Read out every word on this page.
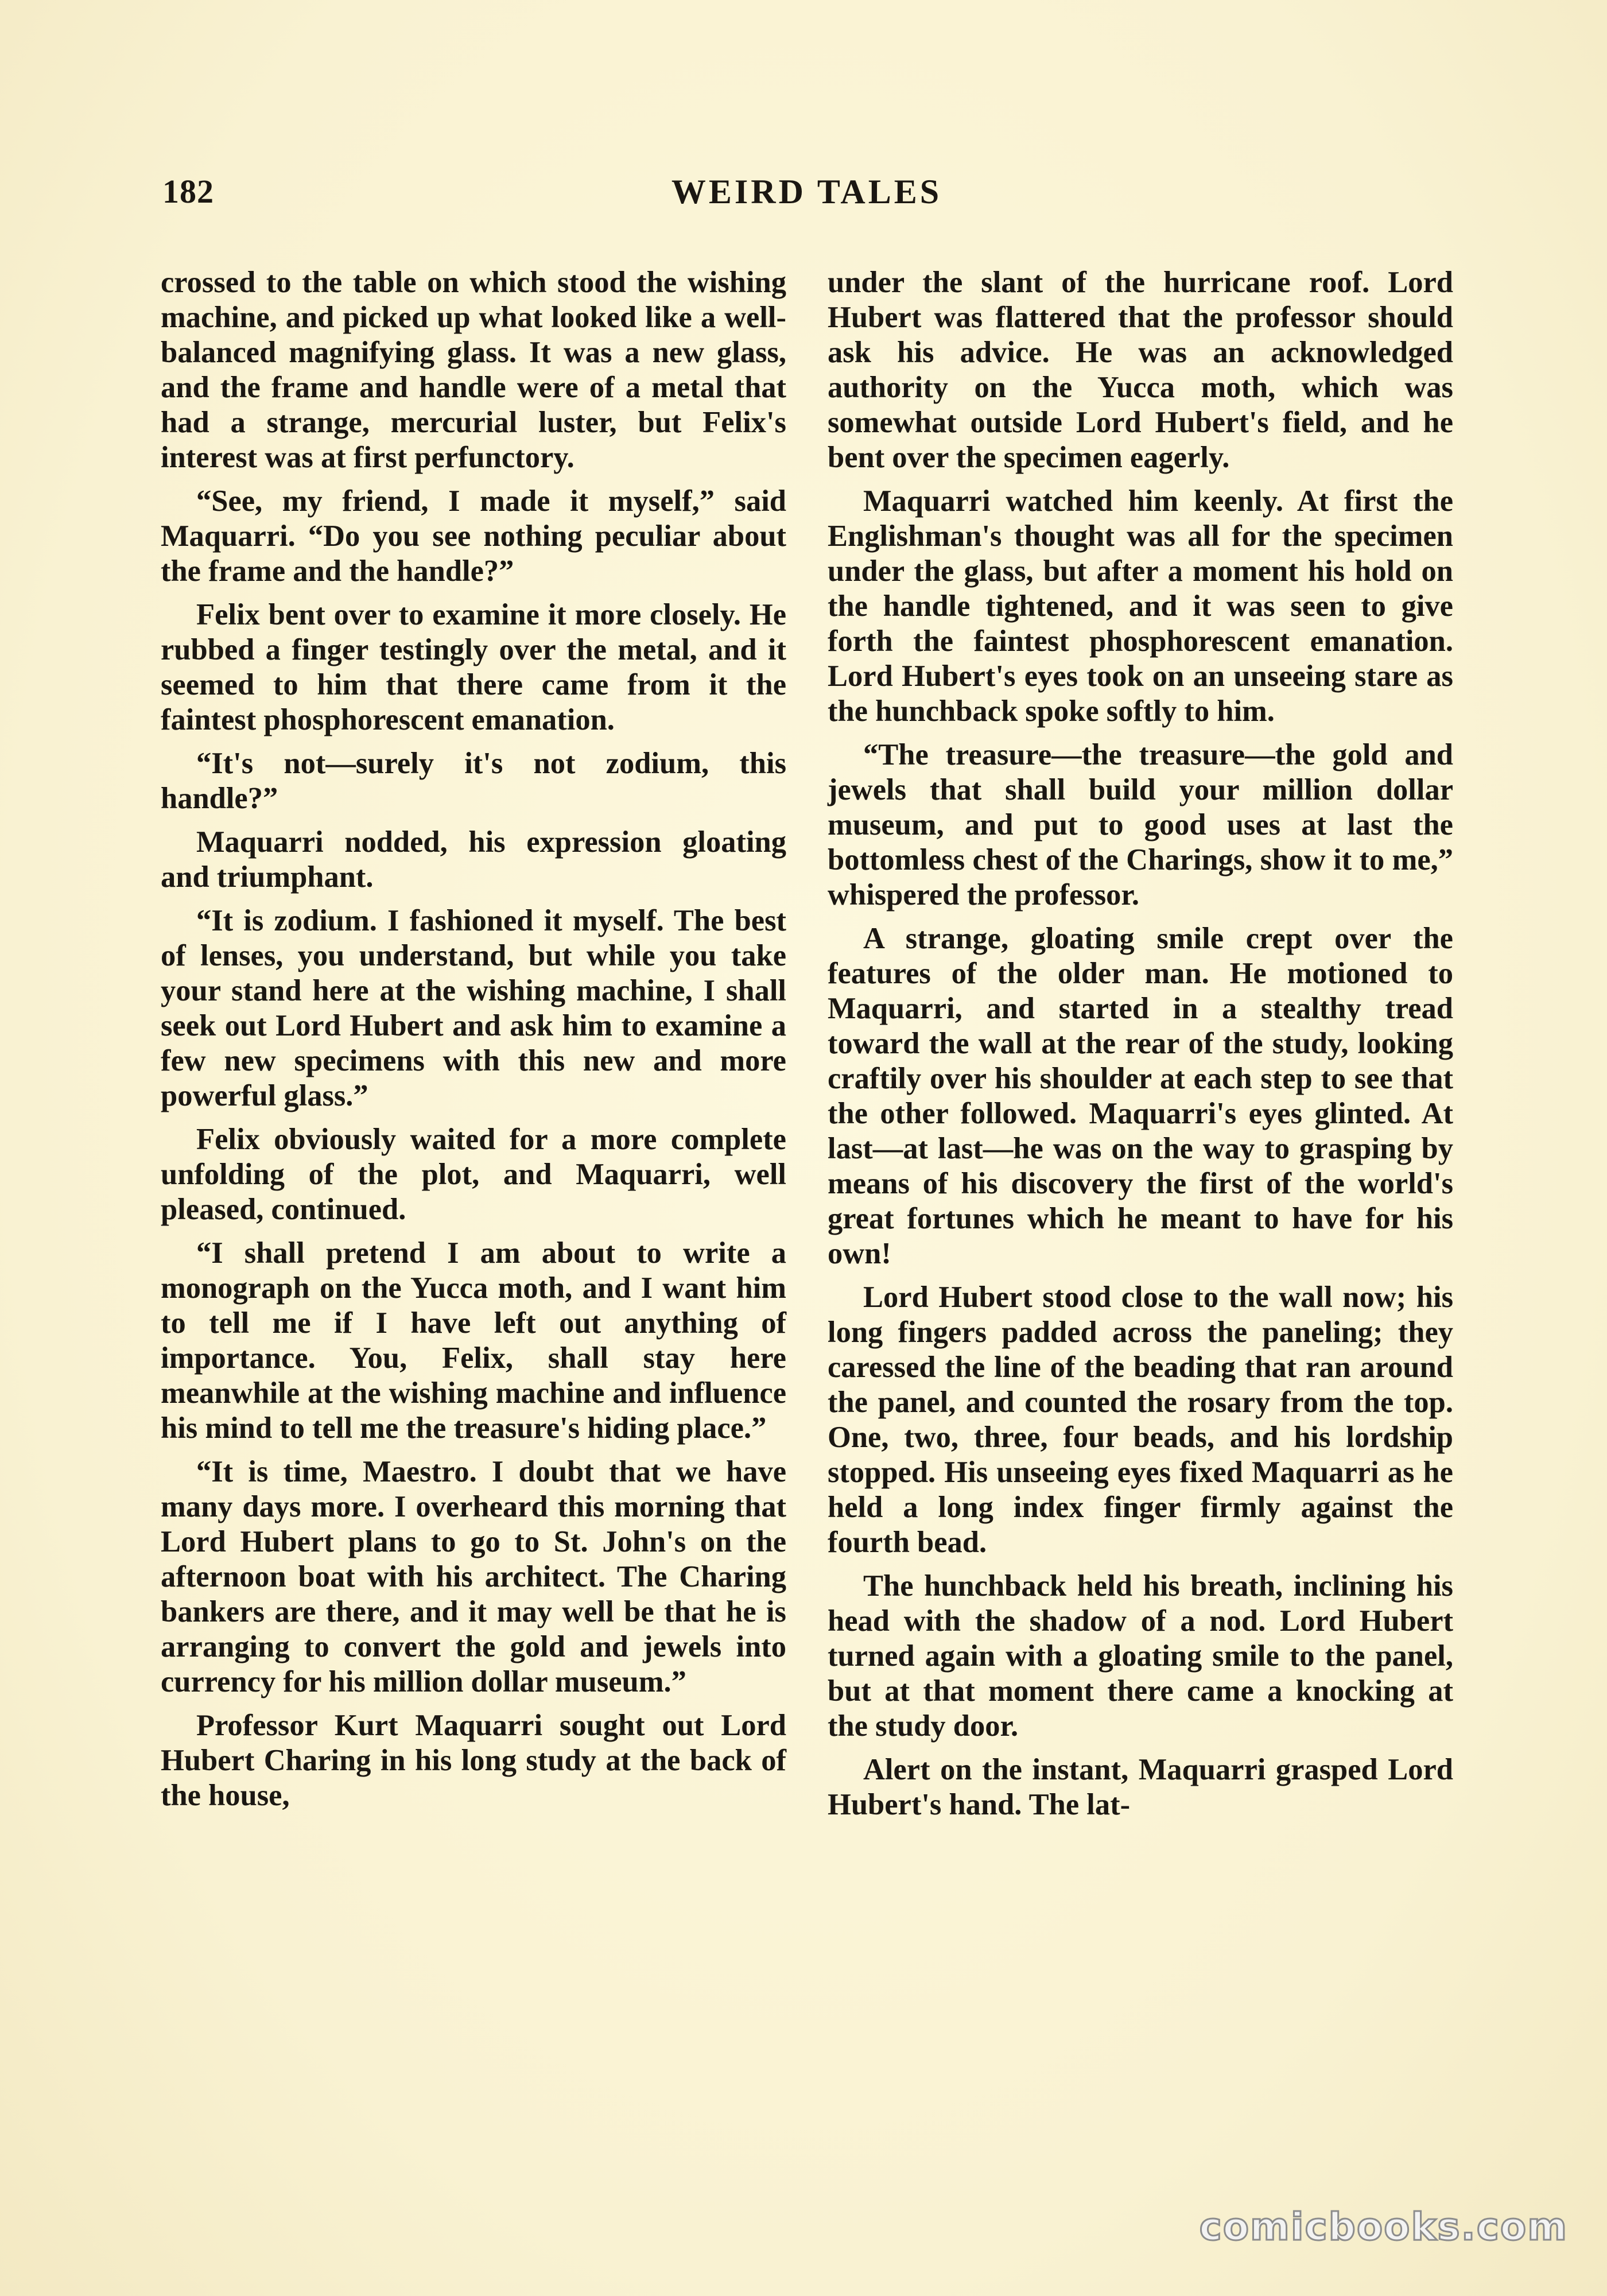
182	WEIRD TALES

crossed to the table on which stood the wishing machine, and picked up what looked like a well-balanced magnifying glass. It was a new glass, and the frame and handle were of a metal that had a strange, mercurial luster, but Felix's interest was at first perfunctory.

“See, my friend, I made it myself,” said Maquarri. “Do you see nothing peculiar about the frame and the handle?”

Felix bent over to examine it more closely. He rubbed a finger testingly over the metal, and it seemed to him that there came from it the faintest phosphorescent emanation.

“It's not—surely it's not zodium, this handle?”

Maquarri nodded, his expression gloating and triumphant.

“It is zodium. I fashioned it myself. The best of lenses, you understand, but while you take your stand here at the wishing machine, I shall seek out Lord Hubert and ask him to examine a few new specimens with this new and more powerful glass.”

Felix obviously waited for a more complete unfolding of the plot, and Maquarri, well pleased, continued.

“I shall pretend I am about to write a monograph on the Yucca moth, and I want him to tell me if I have left out anything of importance. You, Felix, shall stay here meanwhile at the wishing machine and influence his mind to tell me the treasure's hiding place.”

“It is time, Maestro. I doubt that we have many days more. I overheard this morning that Lord Hubert plans to go to St. John's on the afternoon boat with his architect. The Charing bankers are there, and it may well be that he is arranging to convert the gold and jewels into currency for his million dollar museum.”

Professor Kurt Maquarri sought out Lord Hubert Charing in his long study at the back of the house,

under the slant of the hurricane roof. Lord Hubert was flattered that the professor should ask his advice. He was an acknowledged authority on the Yucca moth, which was somewhat outside Lord Hubert's field, and he bent over the specimen eagerly.

Maquarri watched him keenly. At first the Englishman's thought was all for the specimen under the glass, but after a moment his hold on the handle tightened, and it was seen to give forth the faintest phosphorescent emanation. Lord Hubert's eyes took on an unseeing stare as the hunchback spoke softly to him.

“The treasure—the treasure—the gold and jewels that shall build your million dollar museum, and put to good uses at last the bottomless chest of the Charings, show it to me,” whispered the professor.

A strange, gloating smile crept over the features of the older man. He motioned to Maquarri, and started in a stealthy tread toward the wall at the rear of the study, looking craftily over his shoulder at each step to see that the other followed. Maquarri's eyes glinted. At last—at last—he was on the way to grasping by means of his discovery the first of the world's great fortunes which he meant to have for his own!

Lord Hubert stood close to the wall now; his long fingers padded across the paneling; they caressed the line of the beading that ran around the panel, and counted the rosary from the top. One, two, three, four beads, and his lordship stopped. His unseeing eyes fixed Maquarri as he held a long index finger firmly against the fourth bead.

The hunchback held his breath, inclining his head with the shadow of a nod. Lord Hubert turned again with a gloating smile to the panel, but at that moment there came a knocking at the study door.

Alert on the instant, Maquarri grasped Lord Hubert's hand. The lat-

comicbooks.com
